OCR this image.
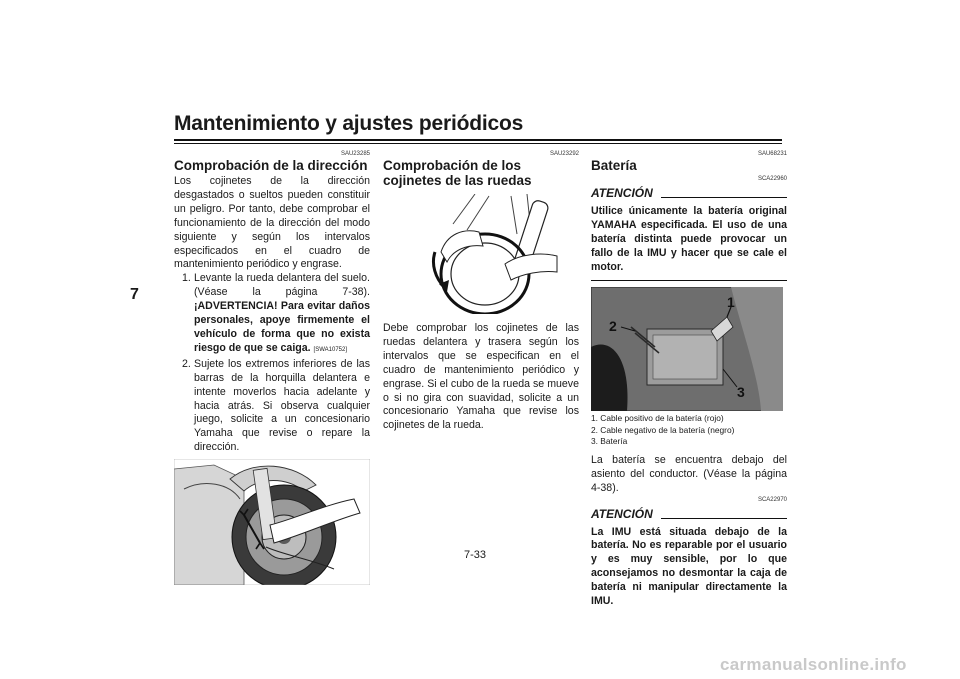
Mantenimiento y ajustes periódicos
7
SAU23285
Comprobación de la dirección

Los cojinetes de la dirección desgastados o sueltos pueden constituir un peligro. Por tanto, debe comprobar el funcionamiento de la dirección del modo siguiente y según los intervalos especificados en el cuadro de mantenimiento periódico y engrase.

1. Levante la rueda delantera del suelo. (Véase la página 7-38). ¡ADVERTENCIA! Para evitar daños personales, apoye firmemente el vehículo de forma que no exista riesgo de que se caiga. [SWA10752]
2. Sujete los extremos inferiores de las barras de la horquilla delantera e intente moverlos hacia adelante y hacia atrás. Si observa cualquier juego, solicite a un concesionario Yamaha que revise o repare la dirección.
SAU23292
Comprobación de los cojinetes de las ruedas

Debe comprobar los cojinetes de las ruedas delantera y trasera según los intervalos que se especifican en el cuadro de mantenimiento periódico y engrase. Si el cubo de la rueda se mueve o si no gira con suavidad, solicite a un concesionario Yamaha que revise los cojinetes de la rueda.

SAU68231
Batería
SCA22960
ATENCIÓN

Utilice únicamente la batería original YAMAHA especificada. El uso de una batería distinta puede provocar un fallo de la IMU y hacer que se cale el motor.

1
2
3
1. Cable positivo de la batería (rojo)
2. Cable negativo de la batería (negro)
3. Batería

La batería se encuentra debajo del asiento del conductor. (Véase la página 4-38).

SCA22970
ATENCIÓN

La IMU está situada debajo de la batería. No es reparable por el usuario y es muy sensible, por lo que aconsejamos no desmontar la caja de batería ni manipular directamente la IMU.

7-33
carmanualsonline.info
